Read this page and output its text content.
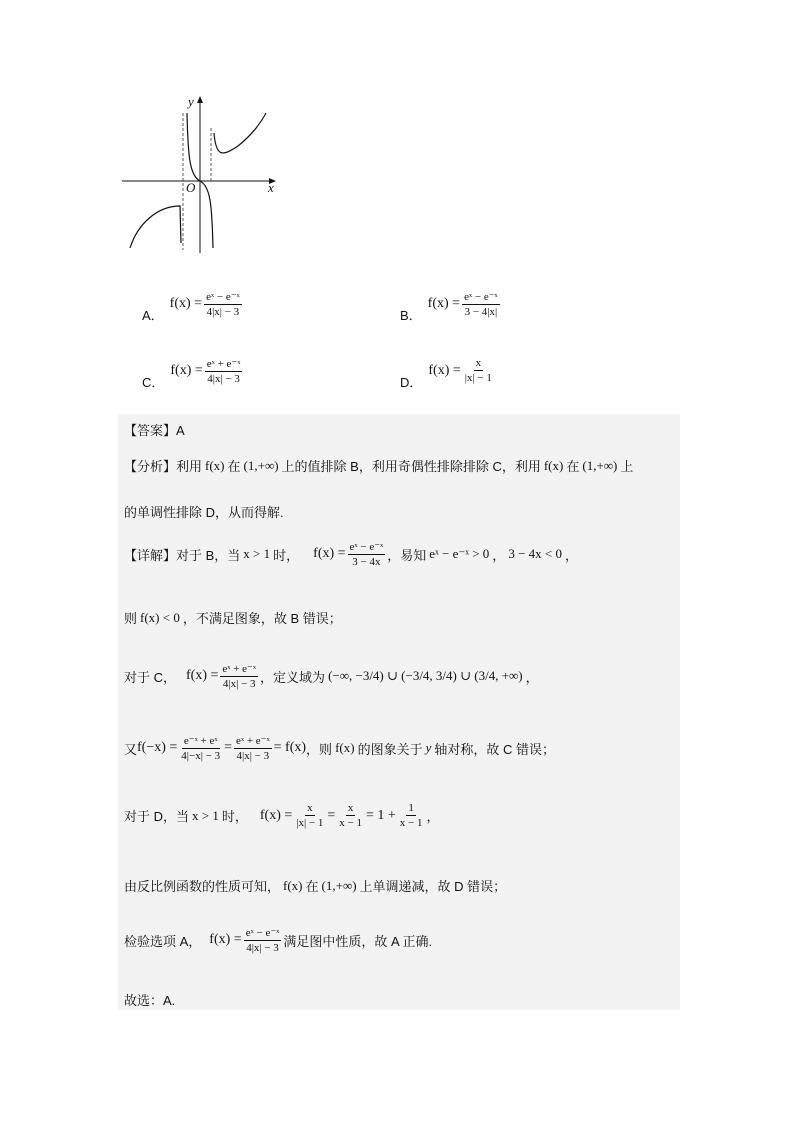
y
x
O
A．
$f(x) = \frac{\text{eˣ − e⁻ˣ}}{4|x| - 3}$	B．
$f(x) = \frac{\text{eˣ − e⁻ˣ}}{3 - 4|x|}$
C．
$f(x) = \frac{\text{eˣ + e⁻ˣ}}{4|x| - 3}$	D．
$f(x) = \frac{x}{|x| - 1}$
【答案】A
【分析】利用 f(x) 在 (1,+∞) 上的值排除 B，利用奇偶性排除排除 C，利用 f(x) 在 (1,+∞) 上
的单调性排除 D，从而得解.
【详解】对于 B，当 x > 1 时， $f(x) = \frac{\text{eˣ − e⁻ˣ}}{3 - 4x}$ ，易知 eˣ − e⁻ˣ > 0 ， 3 − 4x < 0 ，
则 f(x) < 0 ，不满足图象，故 B 错误；
对于 C， $f(x) = \frac{\text{eˣ + e⁻ˣ}}{4|x| - 3}$ ，定义域为 (−∞, −3/4) ∪ (−3/4, 3/4) ∪ (3/4, +∞) ，
又 $f(-x) = \frac{\text{e⁻ˣ + eˣ}}{4|-x| - 3} = \frac{\text{eˣ + e⁻ˣ}}{4|x| - 3} = f(x)$ ，则 f(x) 的图象关于 y 轴对称，故 C 错误；
对于 D，当 x > 1 时， $f(x) = \frac{x}{|x| - 1} = \frac{x}{x - 1} = 1 + \frac{1}{x - 1}$ ，
由反比例函数的性质可知， f(x) 在 (1,+∞) 上单调递减，故 D 错误；
检验选项 A， $f(x) = \frac{\text{eˣ − e⁻ˣ}}{4|x| - 3}$ 满足图中性质，故 A 正确.
故选：A.
